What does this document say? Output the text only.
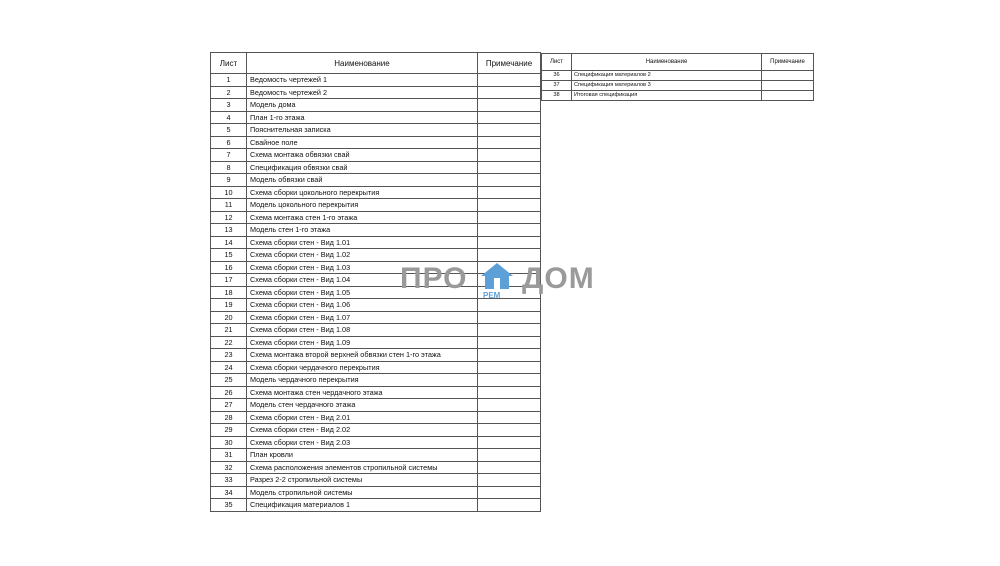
Лист	Наименование	Примечание
1	Ведомость чертежей 1	
2	Ведомость чертежей 2	
3	Модель дома	
4	План 1-го этажа	
5	Пояснительная записка	
6	Свайное поле	
7	Схема монтажа обвязки свай	
8	Спецификация обвязки свай	
9	Модель обвязки свай	
10	Схема сборки цокольного перекрытия	
11	Модель цокольного перекрытия	
12	Схема монтажа стен 1-го этажа	
13	Модель стен 1-го этажа	
14	Схема сборки стен - Вид 1.01	
15	Схема сборки стен - Вид 1.02	
16	Схема сборки стен - Вид 1.03	
17	Схема сборки стен - Вид 1.04	
18	Схема сборки стен - Вид 1.05	
19	Схема сборки стен - Вид 1.06	
20	Схема сборки стен - Вид 1.07	
21	Схема сборки стен - Вид 1.08	
22	Схема сборки стен - Вид 1.09	
23	Схема монтажа второй верхней обвязки стен 1-го этажа	
24	Схема сборки чердачного перекрытия	
25	Модель чердачного перекрытия	
26	Схема монтажа стен чердачного этажа	
27	Модель стен чердачного этажа	
28	Схема сборки стен - Вид 2.01	
29	Схема сборки стен - Вид 2.02	
30	Схема сборки стен - Вид 2.03	
31	План кровли	
32	Схема расположения элементов стропильной системы	
33	Разрез 2-2 стропильной системы	
34	Модель стропильной системы	
35	Спецификация материалов 1	
Лист	Наименование	Примечание
36	Спецификация материалов 2	
37	Спецификация материалов 3	
38	Итоговая спецификация	
ПРО
РЕМ
ДОМ
